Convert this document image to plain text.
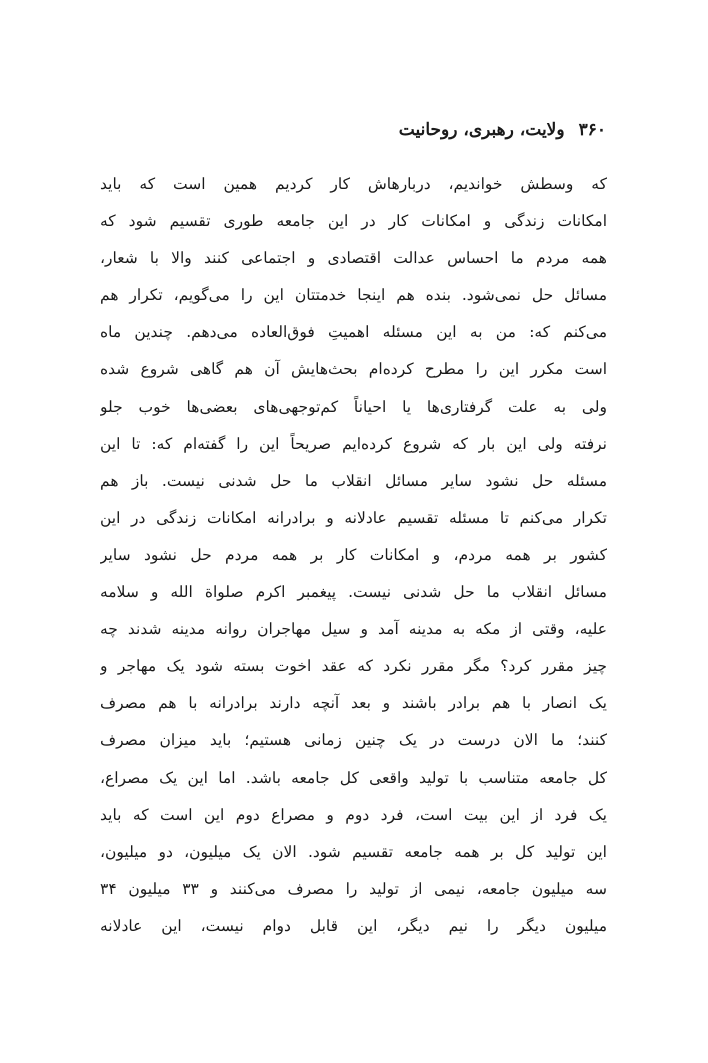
۳۶۰
ولایت، رهبری، روحانیت
که وسطش خواندیم، دربارهاش کار کردیم همین است که باید
امکانات زندگی و امکانات کار در این جامعه طوری تقسیم شود که
همه مردم ما احساس عدالت اقتصادی و اجتماعی کنند والا با شعار،
مسائل حل نمی‌شود. بنده هم اینجا خدمتتان این را می‌گویم، تکرار هم
می‌کنم که: من به این مسئله اهمیتِ فوق‌العاده می‌دهم. چندین ماه
است مکرر این را مطرح کرده‌ام بحث‌هایش آن هم گاهی شروع شده
ولی به علت گرفتاری‌ها یا احیاناً کم‌توجهی‌های بعضی‌ها خوب جلو
نرفته ولی این بار که شروع کرده‌ایم صریحاً این را گفته‌ام که: تا این
مسئله حل نشود سایر مسائل انقلاب ما حل شدنی نیست. باز هم
تکرار می‌کنم تا مسئله تقسیم عادلانه و برادرانه امکانات زندگی در این
کشور بر همه مردم، و امکانات کار بر همه مردم حل نشود سایر
مسائل انقلاب ما حل شدنی نیست. پیغمبر اکرم صلواة الله و سلامه
علیه، وقتی از مکه به مدینه آمد و سیل مهاجران روانه مدینه شدند چه
چیز مقرر کرد؟ مگر مقرر نکرد که عقد اخوت بسته شود یک مهاجر و
یک انصار با هم برادر باشند و بعد آنچه دارند برادرانه با هم مصرف
کنند؛ ما الان درست در یک چنین زمانی هستیم؛ باید میزان مصرف
کل جامعه متناسب با تولید واقعی کل جامعه باشد. اما این یک مصراع،
یک فرد از این بیت است، فرد دوم و مصراع دوم این است که باید
این تولید کل بر همه جامعه تقسیم شود. الان یک میلیون، دو میلیون،
سه میلیون جامعه، نیمی از تولید را مصرف می‌کنند و ۳۳ میلیون ۳۴
میلیون دیگر را نیم دیگر، این قابل دوام نیست، این عادلانه
